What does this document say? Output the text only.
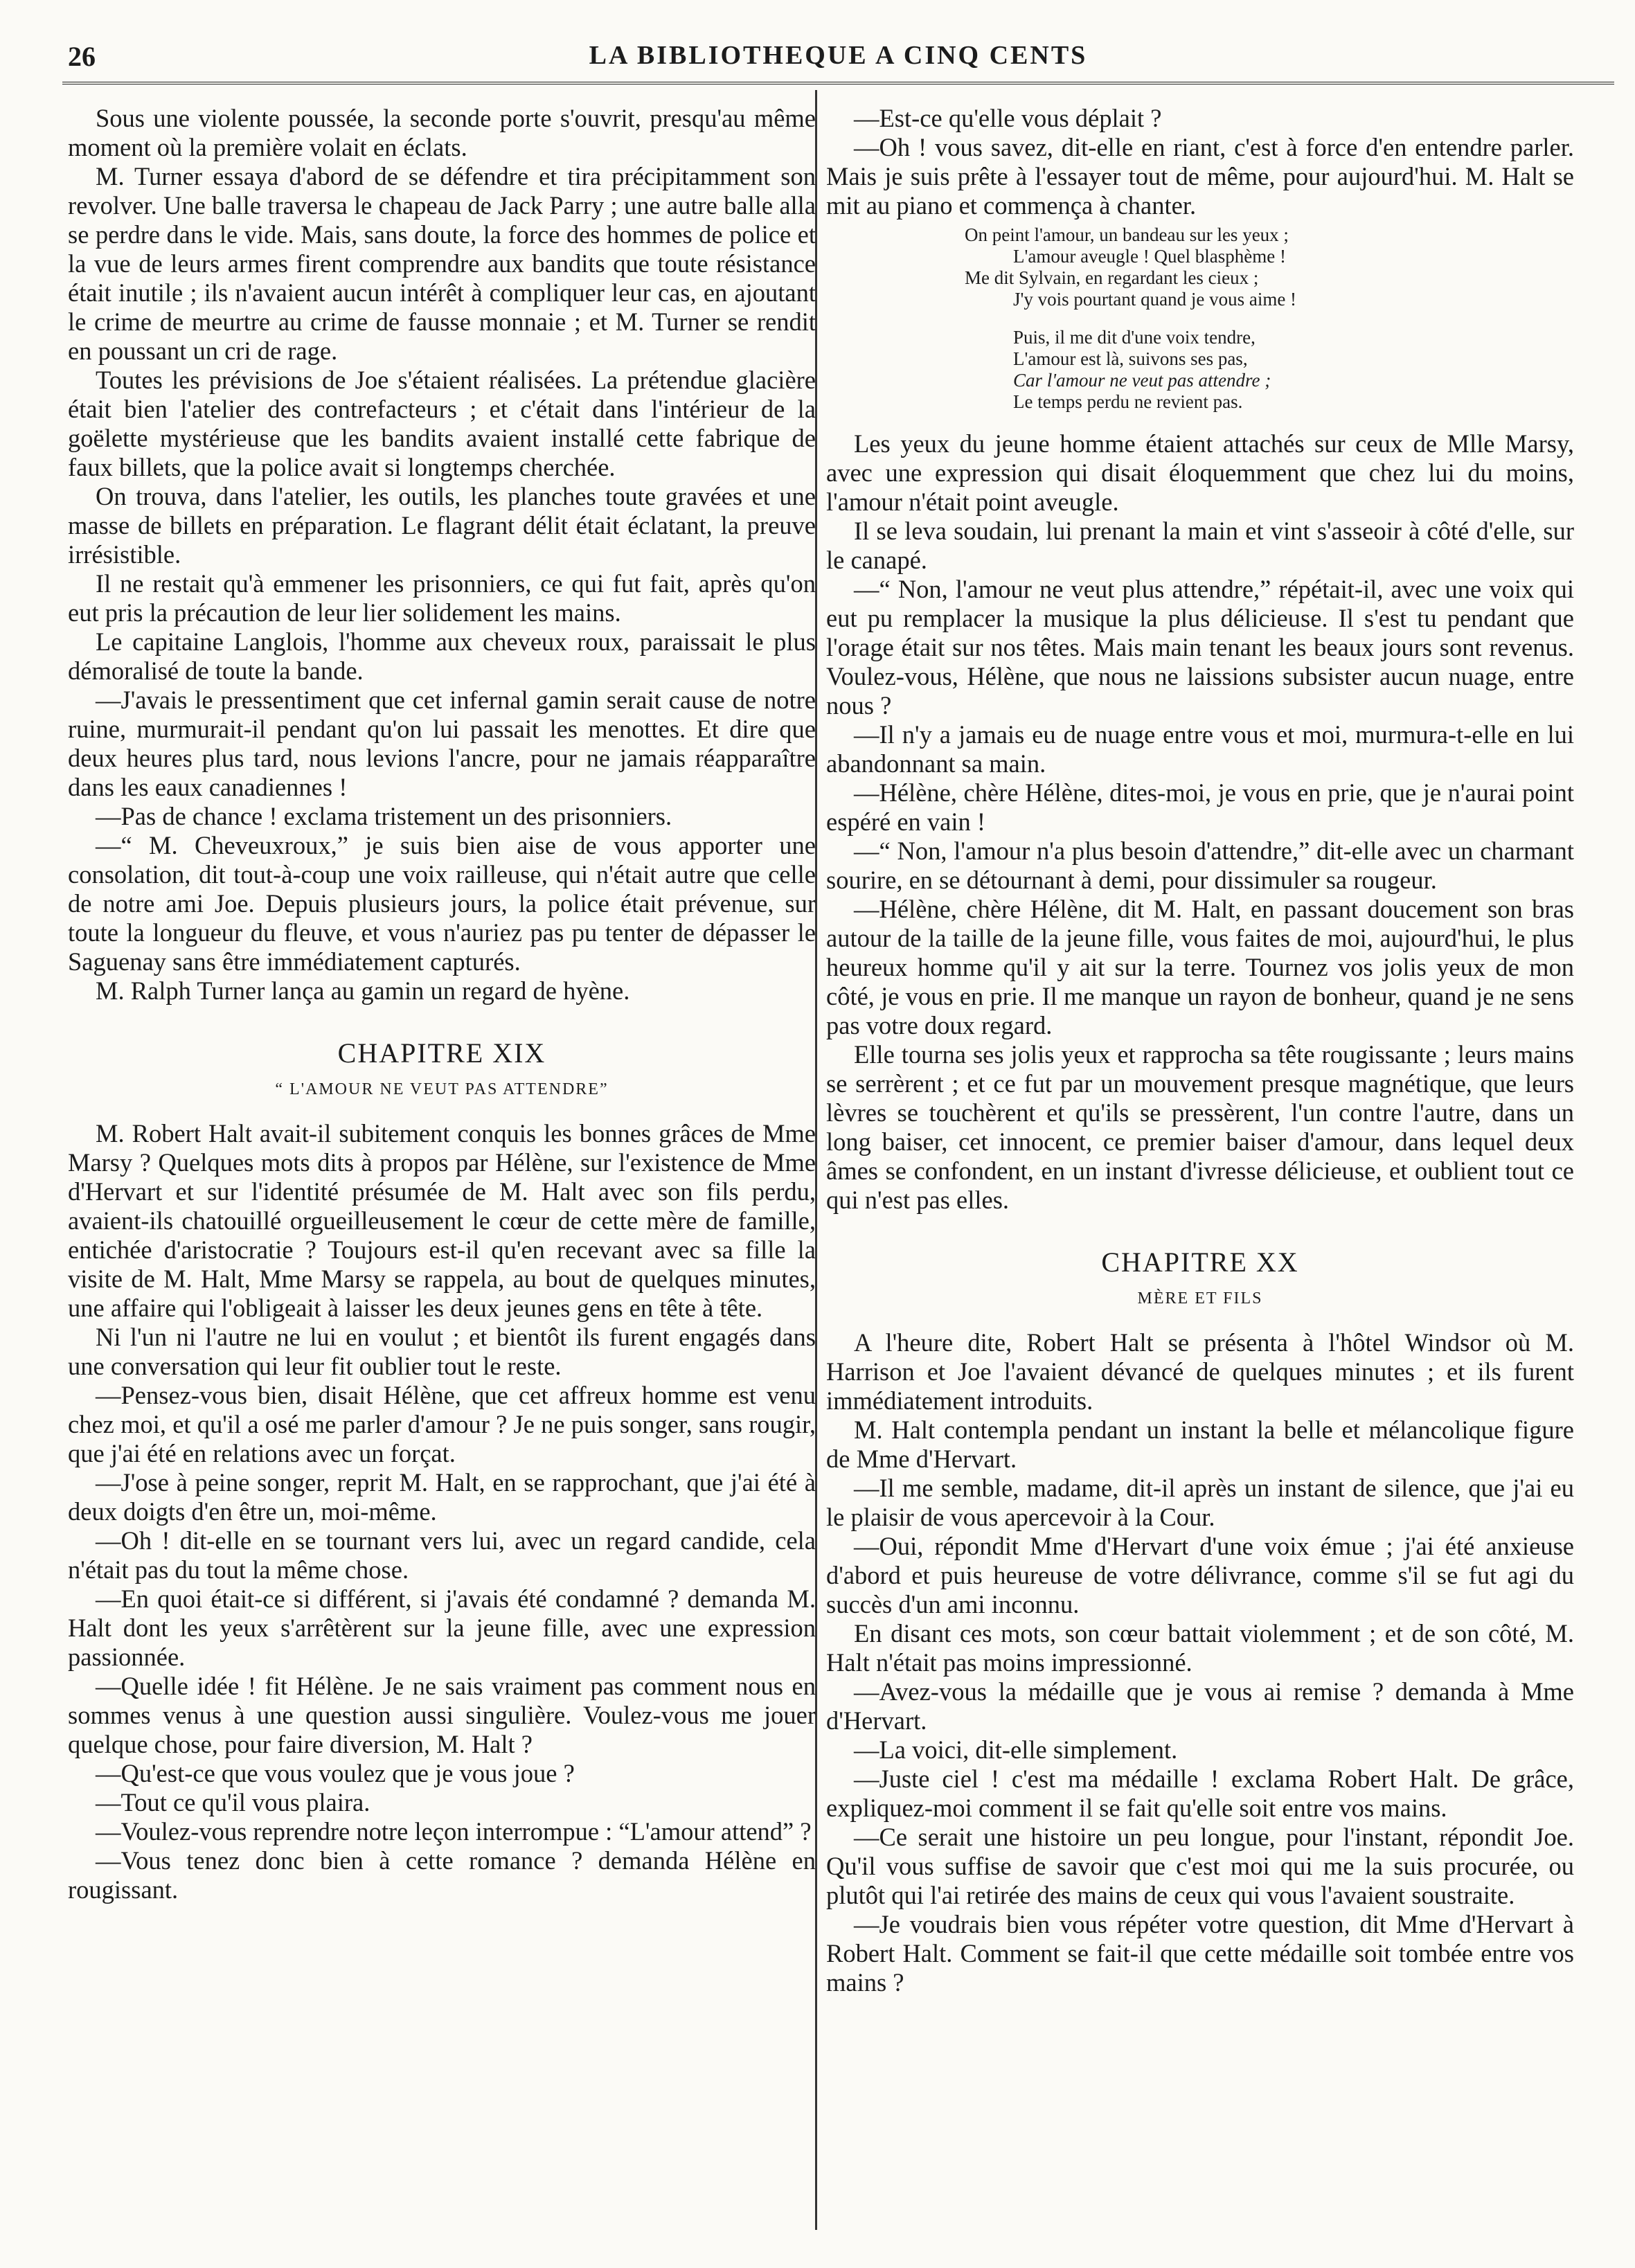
26	LA BIBLIOTHEQUE A CINQ CENTS

Sous une violente poussée, la seconde porte s'ouvrit, presqu'au même moment où la première volait en éclats.

M. Turner essaya d'abord de se défendre et tira précipitamment son revolver. Une balle traversa le chapeau de Jack Parry ; une autre balle alla se perdre dans le vide. Mais, sans doute, la force des hommes de police et la vue de leurs armes firent comprendre aux bandits que toute résistance était inutile ; ils n'avaient aucun intérêt à compliquer leur cas, en ajoutant le crime de meurtre au crime de fausse monnaie ; et M. Turner se rendit en poussant un cri de rage.

Toutes les prévisions de Joe s'étaient réalisées. La prétendue glacière était bien l'atelier des contrefacteurs ; et c'était dans l'intérieur de la goëlette mystérieuse que les bandits avaient installé cette fabrique de faux billets, que la police avait si longtemps cherchée.

On trouva, dans l'atelier, les outils, les planches toute gravées et une masse de billets en préparation. Le flagrant délit était éclatant, la preuve irrésistible.

Il ne restait qu'à emmener les prisonniers, ce qui fut fait, après qu'on eut pris la précaution de leur lier solidement les mains.

Le capitaine Langlois, l'homme aux cheveux roux, paraissait le plus démoralisé de toute la bande.

—J'avais le pressentiment que cet infernal gamin serait cause de notre ruine, murmurait-il pendant qu'on lui passait les menottes. Et dire que deux heures plus tard, nous levions l'ancre, pour ne jamais réapparaître dans les eaux canadiennes !

—Pas de chance ! exclama tristement un des prisonniers.

—“ M. Cheveuxroux,” je suis bien aise de vous apporter une consolation, dit tout-à-coup une voix railleuse, qui n'était autre que celle de notre ami Joe. Depuis plusieurs jours, la police était prévenue, sur toute la longueur du fleuve, et vous n'auriez pas pu tenter de dépasser le Saguenay sans être immédiatement capturés.

M. Ralph Turner lança au gamin un regard de hyène.

CHAPITRE XIX
“ L'AMOUR NE VEUT PAS ATTENDRE”

M. Robert Halt avait-il subitement conquis les bonnes grâces de Mme Marsy ? Quelques mots dits à propos par Hélène, sur l'existence de Mme d'Hervart et sur l'identité présumée de M. Halt avec son fils perdu, avaient-ils chatouillé orgueilleusement le cœur de cette mère de famille, entichée d'aristocratie ? Toujours est-il qu'en recevant avec sa fille la visite de M. Halt, Mme Marsy se rappela, au bout de quelques minutes, une affaire qui l'obligeait à laisser les deux jeunes gens en tête à tête.

Ni l'un ni l'autre ne lui en voulut ; et bientôt ils furent engagés dans une conversation qui leur fit oublier tout le reste.

—Pensez-vous bien, disait Hélène, que cet affreux homme est venu chez moi, et qu'il a osé me parler d'amour ? Je ne puis songer, sans rougir, que j'ai été en relations avec un forçat.

—J'ose à peine songer, reprit M. Halt, en se rapprochant, que j'ai été à deux doigts d'en être un, moi-même.

—Oh ! dit-elle en se tournant vers lui, avec un regard candide, cela n'était pas du tout la même chose.

—En quoi était-ce si différent, si j'avais été condamné ? demanda M. Halt dont les yeux s'arrêtèrent sur la jeune fille, avec une expression passionnée.

—Quelle idée ! fit Hélène. Je ne sais vraiment pas comment nous en sommes venus à une question aussi singulière. Voulez-vous me jouer quelque chose, pour faire diversion, M. Halt ?

—Qu'est-ce que vous voulez que je vous joue ?

—Tout ce qu'il vous plaira.

—Voulez-vous reprendre notre leçon interrompue : “L'amour attend” ?

—Vous tenez donc bien à cette romance ? demanda Hélène en rougissant.

—Est-ce qu'elle vous déplait ?

—Oh ! vous savez, dit-elle en riant, c'est à force d'en entendre parler. Mais je suis prête à l'essayer tout de même, pour aujourd'hui. M. Halt se mit au piano et commença à chanter.

On peint l'amour, un bandeau sur les yeux ;
L'amour aveugle ! Quel blasphème !
Me dit Sylvain, en regardant les cieux ;
J'y vois pourtant quand je vous aime !
Puis, il me dit d'une voix tendre,
L'amour est là, suivons ses pas,
Car l'amour ne veut pas attendre ;
Le temps perdu ne revient pas.

Les yeux du jeune homme étaient attachés sur ceux de Mlle Marsy, avec une expression qui disait éloquemment que chez lui du moins, l'amour n'était point aveugle.

Il se leva soudain, lui prenant la main et vint s'asseoir à côté d'elle, sur le canapé.

—“ Non, l'amour ne veut plus attendre,” répétait-il, avec une voix qui eut pu remplacer la musique la plus délicieuse. Il s'est tu pendant que l'orage était sur nos têtes. Mais main tenant les beaux jours sont revenus. Voulez-vous, Hélène, que nous ne laissions subsister aucun nuage, entre nous ?

—Il n'y a jamais eu de nuage entre vous et moi, murmura-t-elle en lui abandonnant sa main.

—Hélène, chère Hélène, dites-moi, je vous en prie, que je n'aurai point espéré en vain !

—“ Non, l'amour n'a plus besoin d'attendre,” dit-elle avec un charmant sourire, en se détournant à demi, pour dissimuler sa rougeur.

—Hélène, chère Hélène, dit M. Halt, en passant doucement son bras autour de la taille de la jeune fille, vous faites de moi, aujourd'hui, le plus heureux homme qu'il y ait sur la terre. Tournez vos jolis yeux de mon côté, je vous en prie. Il me manque un rayon de bonheur, quand je ne sens pas votre doux regard.

Elle tourna ses jolis yeux et rapprocha sa tête rougissante ; leurs mains se serrèrent ; et ce fut par un mouvement presque magnétique, que leurs lèvres se touchèrent et qu'ils se pressèrent, l'un contre l'autre, dans un long baiser, cet innocent, ce premier baiser d'amour, dans lequel deux âmes se confondent, en un instant d'ivresse délicieuse, et oublient tout ce qui n'est pas elles.

CHAPITRE XX
MÈRE ET FILS

A l'heure dite, Robert Halt se présenta à l'hôtel Windsor où M. Harrison et Joe l'avaient dévancé de quelques minutes ; et ils furent immédiatement introduits.

M. Halt contempla pendant un instant la belle et mélancolique figure de Mme d'Hervart.

—Il me semble, madame, dit-il après un instant de silence, que j'ai eu le plaisir de vous apercevoir à la Cour.

—Oui, répondit Mme d'Hervart d'une voix émue ; j'ai été anxieuse d'abord et puis heureuse de votre délivrance, comme s'il se fut agi du succès d'un ami inconnu.

En disant ces mots, son cœur battait violemment ; et de son côté, M. Halt n'était pas moins impressionné.

—Avez-vous la médaille que je vous ai remise ? demanda à Mme d'Hervart.

—La voici, dit-elle simplement.

—Juste ciel ! c'est ma médaille ! exclama Robert Halt. De grâce, expliquez-moi comment il se fait qu'elle soit entre vos mains.

—Ce serait une histoire un peu longue, pour l'instant, répondit Joe. Qu'il vous suffise de savoir que c'est moi qui me la suis procurée, ou plutôt qui l'ai retirée des mains de ceux qui vous l'avaient soustraite.

—Je voudrais bien vous répéter votre question, dit Mme d'Hervart à Robert Halt. Comment se fait-il que cette médaille soit tombée entre vos mains ?
